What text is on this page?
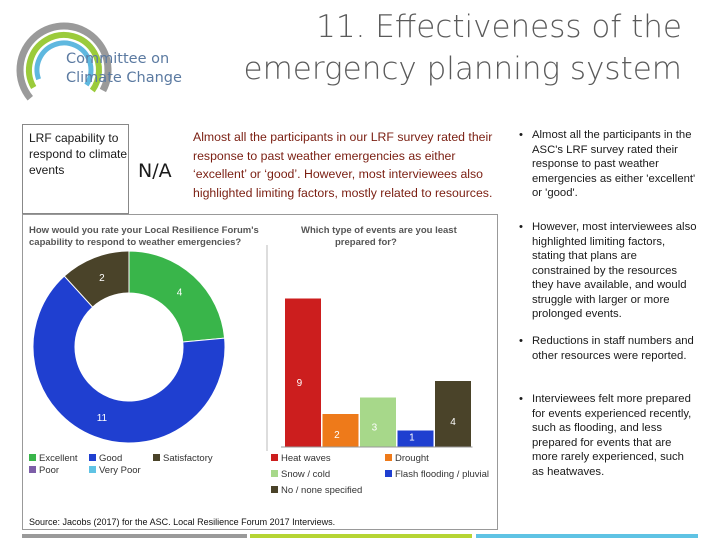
11. Effectiveness of the
emergency planning system
Committee on
Climate Change
LRF capability to respond to climate events	N/A
Almost all the participants in our LRF survey rated their response to past weather emergencies as either ‘excellent’ or ‘good’. However, most interviewees also highlighted limiting factors, mostly related to resources.
How would you rate your Local Resilience Forum's
capability to respond to weather emergencies?
Which type of events are you least
prepared for?
4
11
2
9
2
3
1
4
Excellent Good	Satisfactory
Poor	Very Poor
Heat waves	Drought
Snow / cold	Flash flooding / pluvial
No / none specified
Source: Jacobs (2017) for the ASC. Local Resilience Forum 2017 Interviews.
• Almost all the participants in the ASC's LRF survey rated their response to past weather emergencies as either 'excellent' or 'good'.
• However, most interviewees also highlighted limiting factors, stating that plans are constrained by the resources they have available, and would struggle with larger or more prolonged events.
• Reductions in staff numbers and other resources were reported.
• Interviewees felt more prepared for events experienced recently, such as flooding, and less prepared for events that are more rarely experienced, such as heatwaves.
